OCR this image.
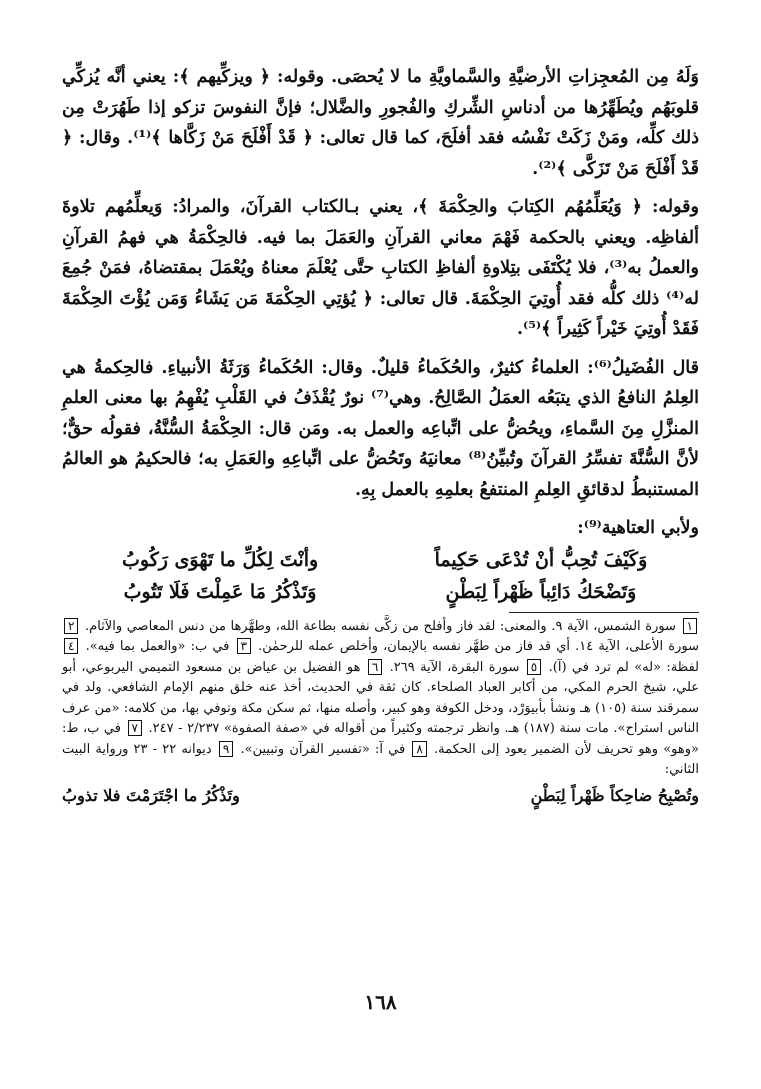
وَلَهُ مِن المُعجِزاتِ الأرضيَّةِ والسَّماويَّةِ ما لا يُحصَى. وقوله: ﴿ ويزكِّيهم ﴾: يعني أنَّه يُزكِّي قلوبَهُم ويُطَهِّرُها من أدناسِ الشِّركِ والفُجورِ والضَّلال؛ فإنَّ النفوسَ تزكو إذا طَهُرَتْ مِن ذلك كلِّه، ومَنْ زَكَتْ نَفْسُه فقد أفلَحَ، كما قال تعالى: ﴿ قَدْ أَفْلَحَ مَنْ زَكَّاها ﴾⁽¹⁾. وقال: ﴿ قَدْ أَفْلَحَ مَنْ تَزَكَّى ﴾⁽²⁾.

وقوله: ﴿ وَيُعَلِّمُهُم الكِتابَ والحِكْمَةَ ﴾، يعني بـالكتاب القرآنَ، والمرادُ: وَيعلِّمُهم تلاوةَ ألفاظِه. ويعني بالحكمة فَهْمَ معاني القرآنِ والعَمَلَ بما فيه. فالحِكْمَةُ هي فهمُ القرآنِ والعملُ به⁽³⁾، فلا يُكْتَفَى بتِلاوةِ ألفاظِ الكتابِ حتَّى يُعْلَمَ معناهُ ويُعْمَلَ بمقتضاهُ، فمَنْ جُمِعَ له⁽⁴⁾ ذلك كلُّه فقد أُوتِيَ الحِكْمَةَ. قال تعالى: ﴿ يُؤتِي الحِكْمَةَ مَن يَشَاءُ وَمَن يُؤْتَ الحِكْمَةَ فَقَدْ أُوتِيَ خَيْراً كَثِيراً ﴾⁽⁵⁾.

قال الفُضَيلُ⁽⁶⁾: العلماءُ كثيرٌ، والحُكَماءُ قليلٌ. وقال: الحُكَماءُ وَرَثَةُ الأنبياءِ. فالحِكمةُ هي العِلمُ النافعُ الذي يتبَعُه العمَلُ الصَّالِحُ. وهي⁽⁷⁾ نورٌ يُقْذَفُ في القَلْبِ يُفْهِمُ بها معنى العلمِ المنزَّلِ مِنَ السَّماءِ، ويحُضُّ على اتِّباعِه والعمل به. ومَن قال: الحِكْمَةُ السُّنَّةُ، فقولُه حقٌّ؛ لأنَّ السُّنَّةَ تفسِّرُ القرآنَ وتُبيِّنُ⁽⁸⁾ معانيَهُ وتَحُضُّ على اتِّباعِهِ والعَمَلِ به؛ فالحكيمُ هو العالمُ المستنبطُ لدقائقِ العِلمِ المنتفعُ بعلمِهِ بالعمل بِهِ.

ولأبي العتاهية⁽⁹⁾:

وَكَيْفَ تُحِبُّ أنْ تُدْعَى حَكِيماً
وأنْتَ لِكُلِّ ما تَهْوَى رَكُوبُ
وَتَضْحَكُ دَائِباً ظَهْراً لِبَطْنٍ
وَتَذْكُرُ مَا عَمِلْتَ فَلَا تَتُوبُ

١ سورة الشمس، الآية ٩. والمعنى: لقد فاز وأفلح من زكَّى نفسه بطاعة الله، وطهَّرها من دنس المعاصي والآثام. ٢ سورة الأعلى، الآية ١٤. أي قد فاز من طهَّر نفسه بالإيمان، وأخلص عمله للرحمٰن. ٣ في ب: «والعمل بما فيه». ٤ لفظة: «له» لم ترد في (آ). ٥ سورة البقرة، الآية ٢٦٩. ٦ هو الفضيل بن عياض بن مسعود التميمي اليربوعي، أبو علي، شيخ الحرم المكي، من أكابر العباد الصلحاء. كان ثقة في الحديث، أخذ عنه خلق منهم الإمام الشافعي. ولد في سمرقند سنة (١٠٥) هـ ونشأ بأبيوَرْد، ودخل الكوفة وهو كبير، وأصله منها، ثم سكن مكة وتوفي بها، من كلامه: «من عرف الناس استراح». مات سنة (١٨٧) هـ. وانظر ترجمته وكثيراً من أقواله في «صفة الصفوة» ٢/٢٣٧ - ٢٤٧. ٧ في ب، ط: «وهو» وهو تحريف لأن الضمير يعود إلى الحكمة. ٨ في آ: «تفسير القرآن وتبيين». ٩ ديوانه ٢٢ - ٢٣ ورواية البيت الثاني:

وتُصْبِحُ ضاحِكاً ظَهْراً لِبَطْنٍ
وتَذْكُرُ ما اجْتَرَمْتَ فلا تذوبُ
١٦٨
